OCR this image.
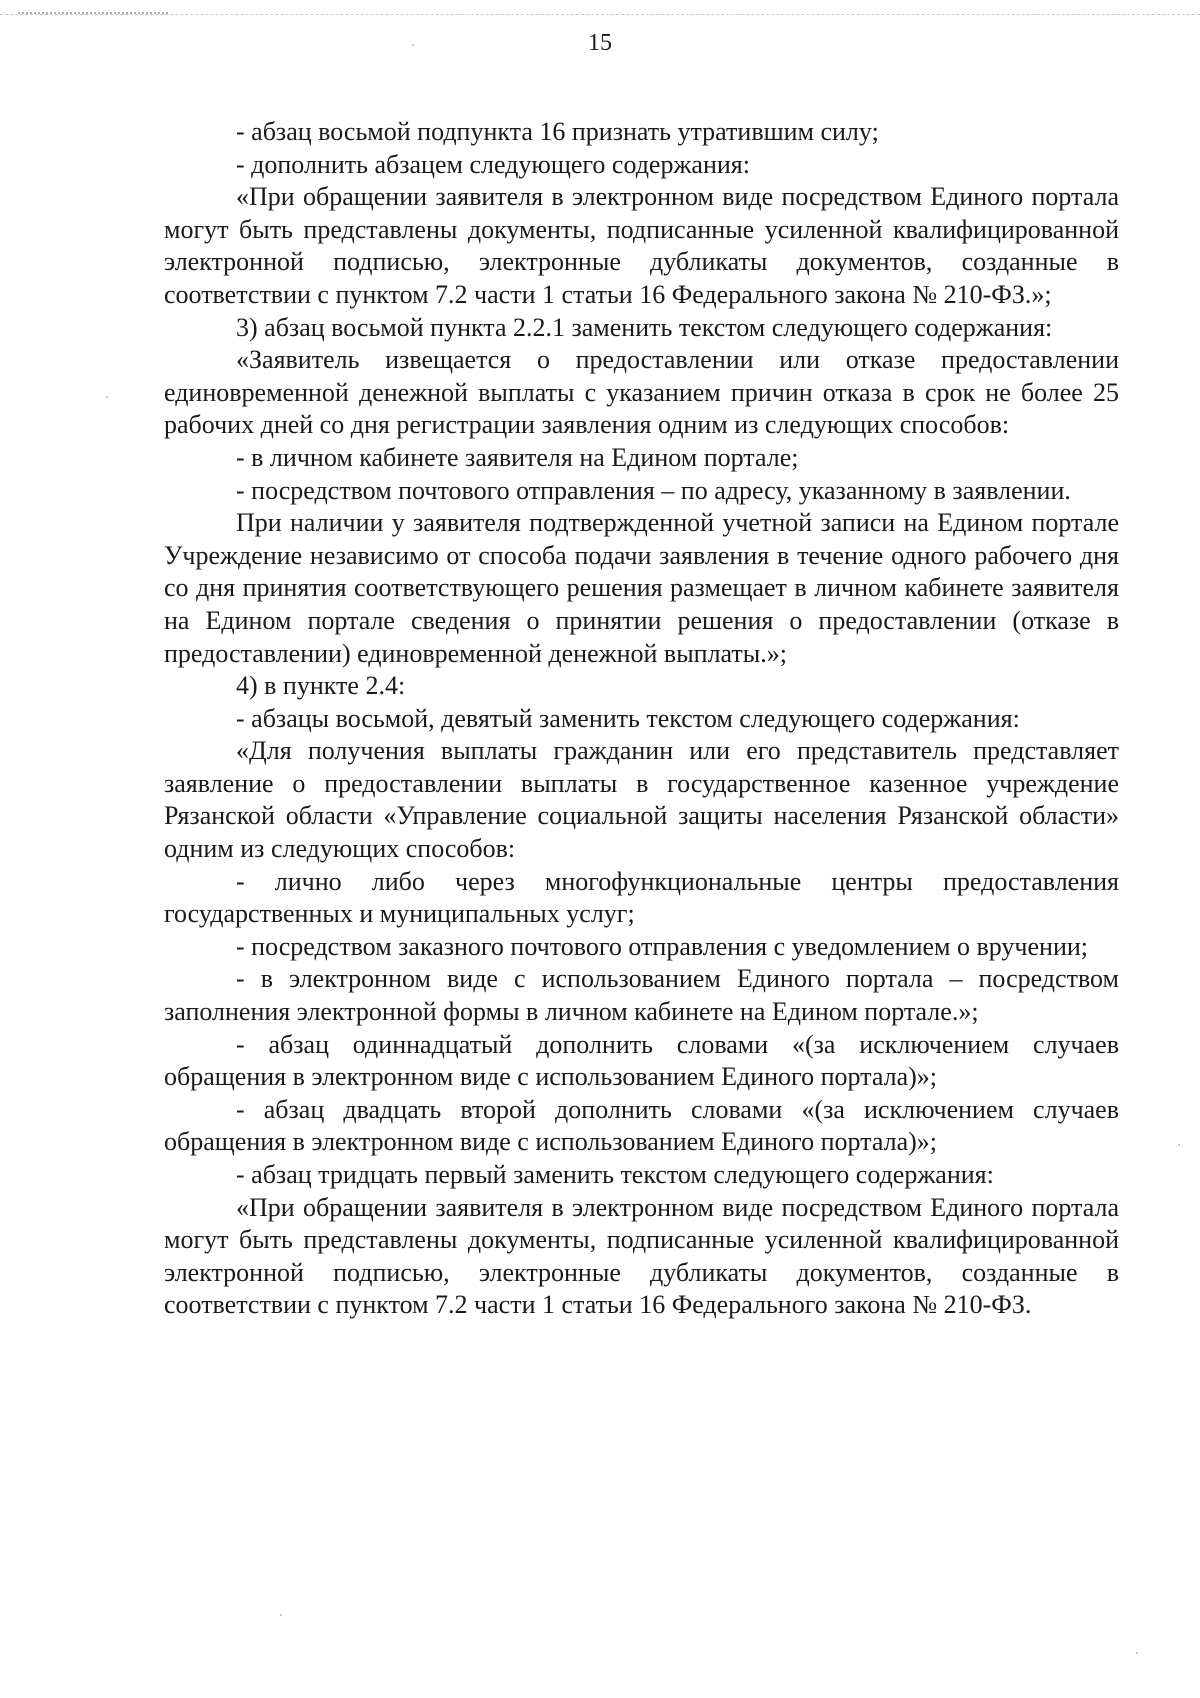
15

- абзац восьмой подпункта 16 признать утратившим силу;

- дополнить абзацем следующего содержания:

«При обращении заявителя в электронном виде посредством Единого портала могут быть представлены документы, подписанные усиленной квалифицированной электронной подписью, электронные дубликаты документов, созданные в соответствии с пунктом 7.2 части 1 статьи 16 Федерального закона № 210-ФЗ.»;

3) абзац восьмой пункта 2.2.1 заменить текстом следующего содержания:

«Заявитель извещается о предоставлении или отказе предоставлении единовременной денежной выплаты с указанием причин отказа в срок не более 25 рабочих дней со дня регистрации заявления одним из следующих способов:

- в личном кабинете заявителя на Едином портале;

- посредством почтового отправления – по адресу, указанному в заявлении.

При наличии у заявителя подтвержденной учетной записи на Едином портале Учреждение независимо от способа подачи заявления в течение одного рабочего дня со дня принятия соответствующего решения размещает в личном кабинете заявителя на Едином портале сведения о принятии решения о предоставлении (отказе в предоставлении) единовременной денежной выплаты.»;

4) в пункте 2.4:

- абзацы восьмой, девятый заменить текстом следующего содержания:

«Для получения выплаты гражданин или его представитель представляет заявление о предоставлении выплаты в государственное казенное учреждение Рязанской области «Управление социальной защиты населения Рязанской области» одним из следующих способов:

- лично либо через многофункциональные центры предоставления государственных и муниципальных услуг;

- посредством заказного почтового отправления с уведомлением о вручении;

- в электронном виде с использованием Единого портала – посредством заполнения электронной формы в личном кабинете на Едином портале.»;

- абзац одиннадцатый дополнить словами «(за исключением случаев обращения в электронном виде с использованием Единого портала)»;

- абзац двадцать второй дополнить словами «(за исключением случаев обращения в электронном виде с использованием Единого портала)»;

- абзац тридцать первый заменить текстом следующего содержания:

«При обращении заявителя в электронном виде посредством Единого портала могут быть представлены документы, подписанные усиленной квалифицированной электронной подписью, электронные дубликаты документов, созданные в соответствии с пунктом 7.2 части 1 статьи 16 Федерального закона № 210-ФЗ.
